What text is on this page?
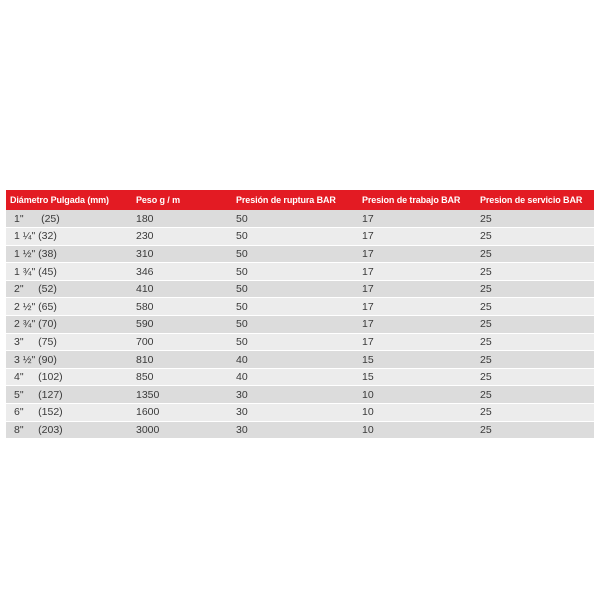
Diámetro Pulgada (mm)	Peso g / m	Presión de ruptura BAR	Presion de trabajo BAR	Presion de servicio BAR
1"      (25)	180	50	17	25
1 ¼" (32)	230	50	17	25
1 ½" (38)	310	50	17	25
1 ¾" (45)	346	50	17	25
2"     (52)	410	50	17	25
2 ½" (65)	580	50	17	25
2 ¾" (70)	590	50	17	25
3"     (75)	700	50	17	25
3 ½" (90)	810	40	15	25
4"     (102)	850	40	15	25
5"     (127)	1350	30	10	25
6"     (152)	1600	30	10	25
8"     (203)	3000	30	10	25
